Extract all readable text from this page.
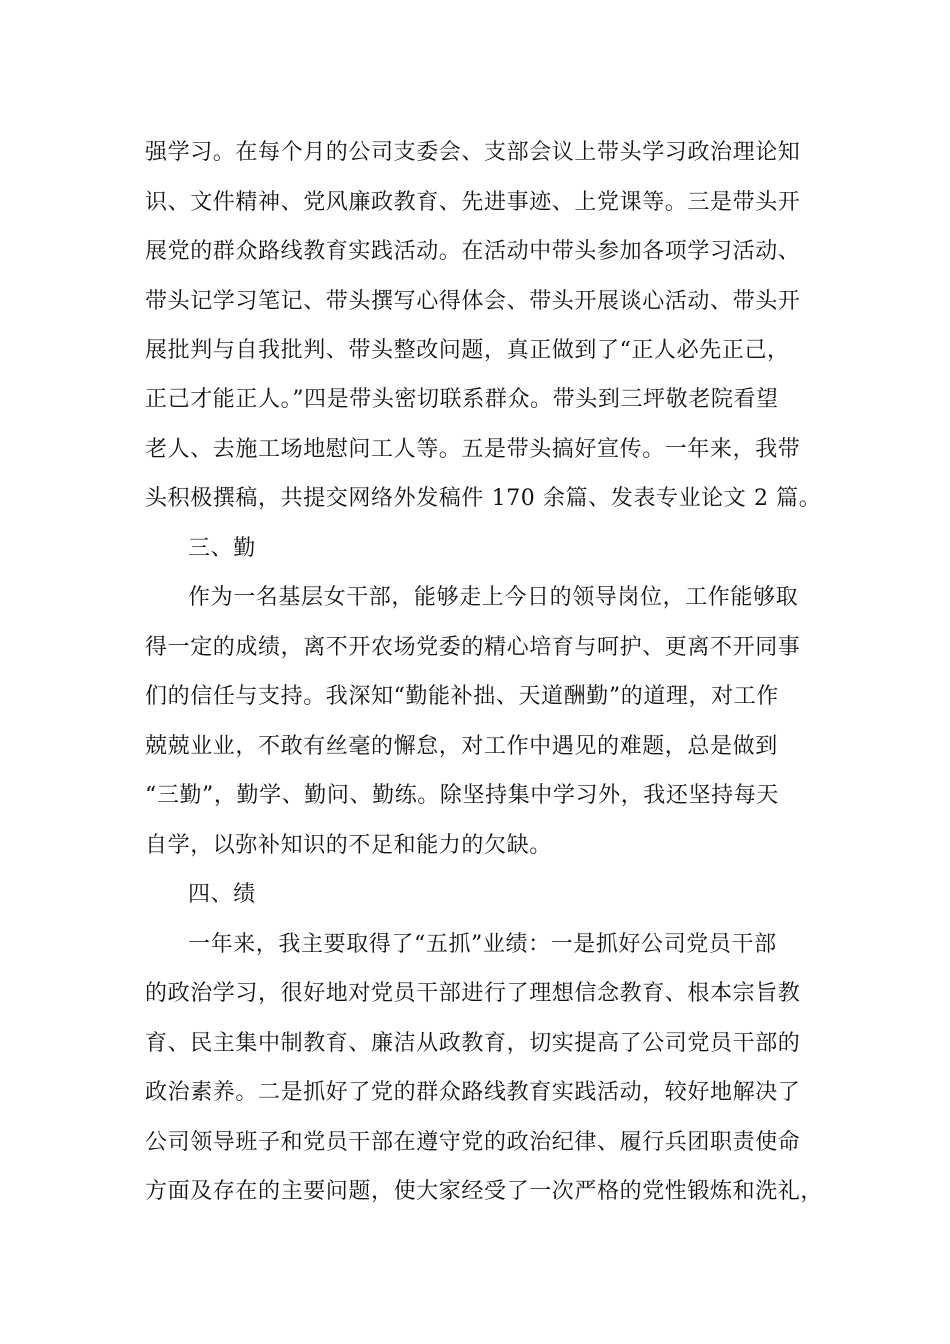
强学习。在每个月的公司支委会、支部会议上带头学习政治理论知
识、文件精神、党风廉政教育、先进事迹、上党课等。三是带头开
展党的群众路线教育实践活动。在活动中带头参加各项学习活动、
带头记学习笔记、带头撰写心得体会、带头开展谈心活动、带头开
展批判与自我批判、带头整改问题，真正做到了“正人必先正己，
正己才能正人。”四是带头密切联系群众。带头到三坪敬老院看望
老人、去施工场地慰问工人等。五是带头搞好宣传。一年来，我带
头积极撰稿，共提交网络外发稿件 170 余篇、发表专业论文 2 篇。
三、勤
作为一名基层女干部，能够走上今日的领导岗位，工作能够取
得一定的成绩，离不开农场党委的精心培育与呵护、更离不开同事
们的信任与支持。我深知“勤能补拙、天道酬勤”的道理，对工作
兢兢业业，不敢有丝毫的懈怠，对工作中遇见的难题，总是做到
“三勤”，勤学、勤问、勤练。除坚持集中学习外，我还坚持每天
自学，以弥补知识的不足和能力的欠缺。
四、绩
一年来，我主要取得了“五抓”业绩：一是抓好公司党员干部
的政治学习，很好地对党员干部进行了理想信念教育、根本宗旨教
育、民主集中制教育、廉洁从政教育，切实提高了公司党员干部的
政治素养。二是抓好了党的群众路线教育实践活动，较好地解决了
公司领导班子和党员干部在遵守党的政治纪律、履行兵团职责使命
方面及存在的主要问题，使大家经受了一次严格的党性锻炼和洗礼，
